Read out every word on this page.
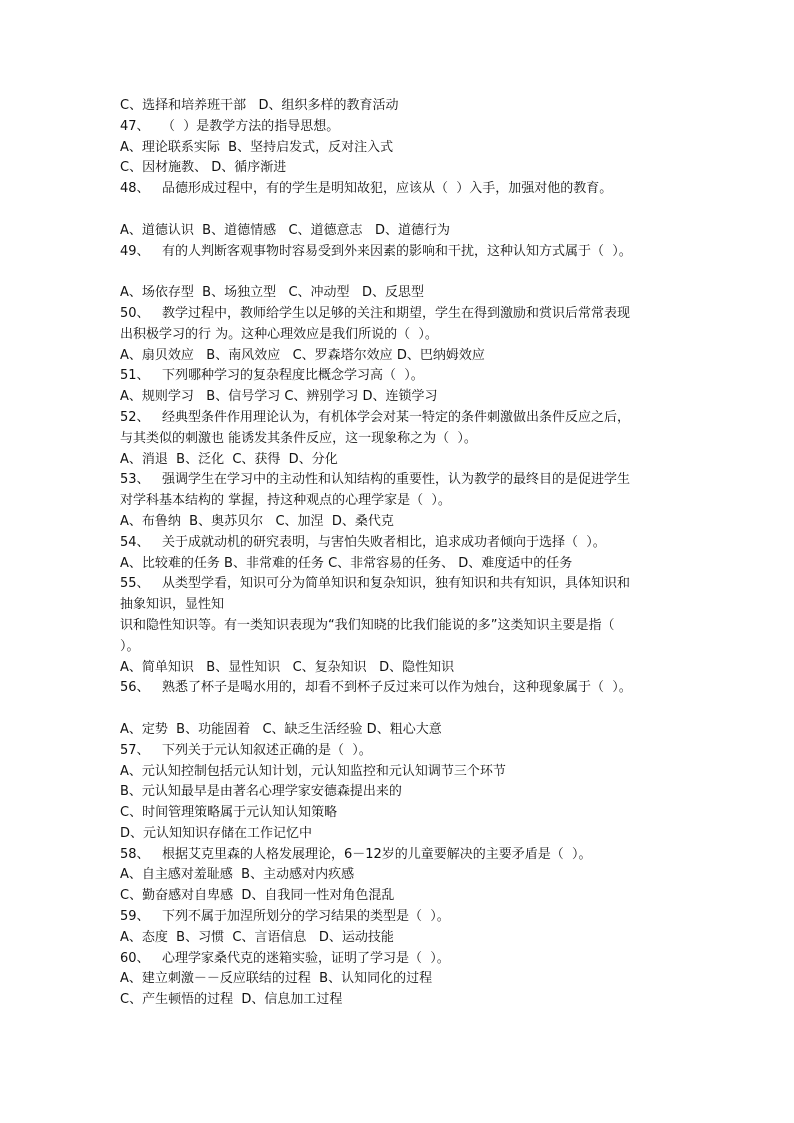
C、选择和培养班干部   D、组织多样的教育活动
47、   （  ）是教学方法的指导思想。
A、理论联系实际  B、坚持启发式，反对注入式
C、因材施教、 D、循序渐进
48、   品德形成过程中，有的学生是明知故犯，应该从（  ）入手，加强对他的教育。
A、道德认识  B、道德情感   C、道德意志   D、道德行为
49、   有的人判断客观事物时容易受到外来因素的影响和干扰，这种认知方式属于（  ）。
A、场依存型  B、场独立型   C、冲动型   D、反思型
50、   教学过程中，教师给学生以足够的关注和期望，学生在得到激励和赏识后常常表现
出积极学习的行 为。这种心理效应是我们所说的（  ）。
A、扇贝效应   B、南风效应   C、罗森塔尔效应 D、巴纳姆效应
51、   下列哪种学习的复杂程度比概念学习高（  ）。
A、规则学习   B、信号学习 C、辨别学习 D、连锁学习
52、   经典型条件作用理论认为，有机体学会对某一特定的条件刺激做出条件反应之后，
与其类似的刺激也 能诱发其条件反应，这一现象称之为（  ）。
A、消退  B、泛化  C、获得  D、分化
53、   强调学生在学习中的主动性和认知结构的重要性，认为教学的最终目的是促进学生
对学科基本结构的 掌握，持这种观点的心理学家是（  ）。
A、布鲁纳  B、奥苏贝尔   C、加涅  D、桑代克
54、   关于成就动机的研究表明，与害怕失败者相比，追求成功者倾向于选择（  ）。
A、比较难的任务 B、非常难的任务 C、非常容易的任务、 D、难度适中的任务
55、   从类型学看，知识可分为简单知识和复杂知识，独有知识和共有知识，具体知识和
抽象知识，显性知
识和隐性知识等。有一类知识表现为“我们知晓的比我们能说的多”这类知识主要是指（
）。
A、简单知识   B、显性知识   C、复杂知识   D、隐性知识
56、   熟悉了杯子是喝水用的，却看不到杯子反过来可以作为烛台，这种现象属于（  ）。
A、定势  B、功能固着   C、缺乏生活经验 D、粗心大意
57、   下列关于元认知叙述正确的是（  ）。
A、元认知控制包括元认知计划，元认知监控和元认知调节三个环节
B、元认知最早是由著名心理学家安德森提出来的
C、时间管理策略属于元认知认知策略
D、元认知知识存储在工作记忆中
58、   根据艾克里森的人格发展理论，6－12岁的儿童要解决的主要矛盾是（  ）。
A、自主感对羞耻感  B、主动感对内疚感
C、勤奋感对自卑感  D、自我同一性对角色混乱
59、   下列不属于加涅所划分的学习结果的类型是（  ）。
A、态度  B、习惯  C、言语信息   D、运动技能
60、   心理学家桑代克的迷箱实验，证明了学习是（  ）。
A、建立刺激－－反应联结的过程  B、认知同化的过程
C、产生顿悟的过程  D、信息加工过程
